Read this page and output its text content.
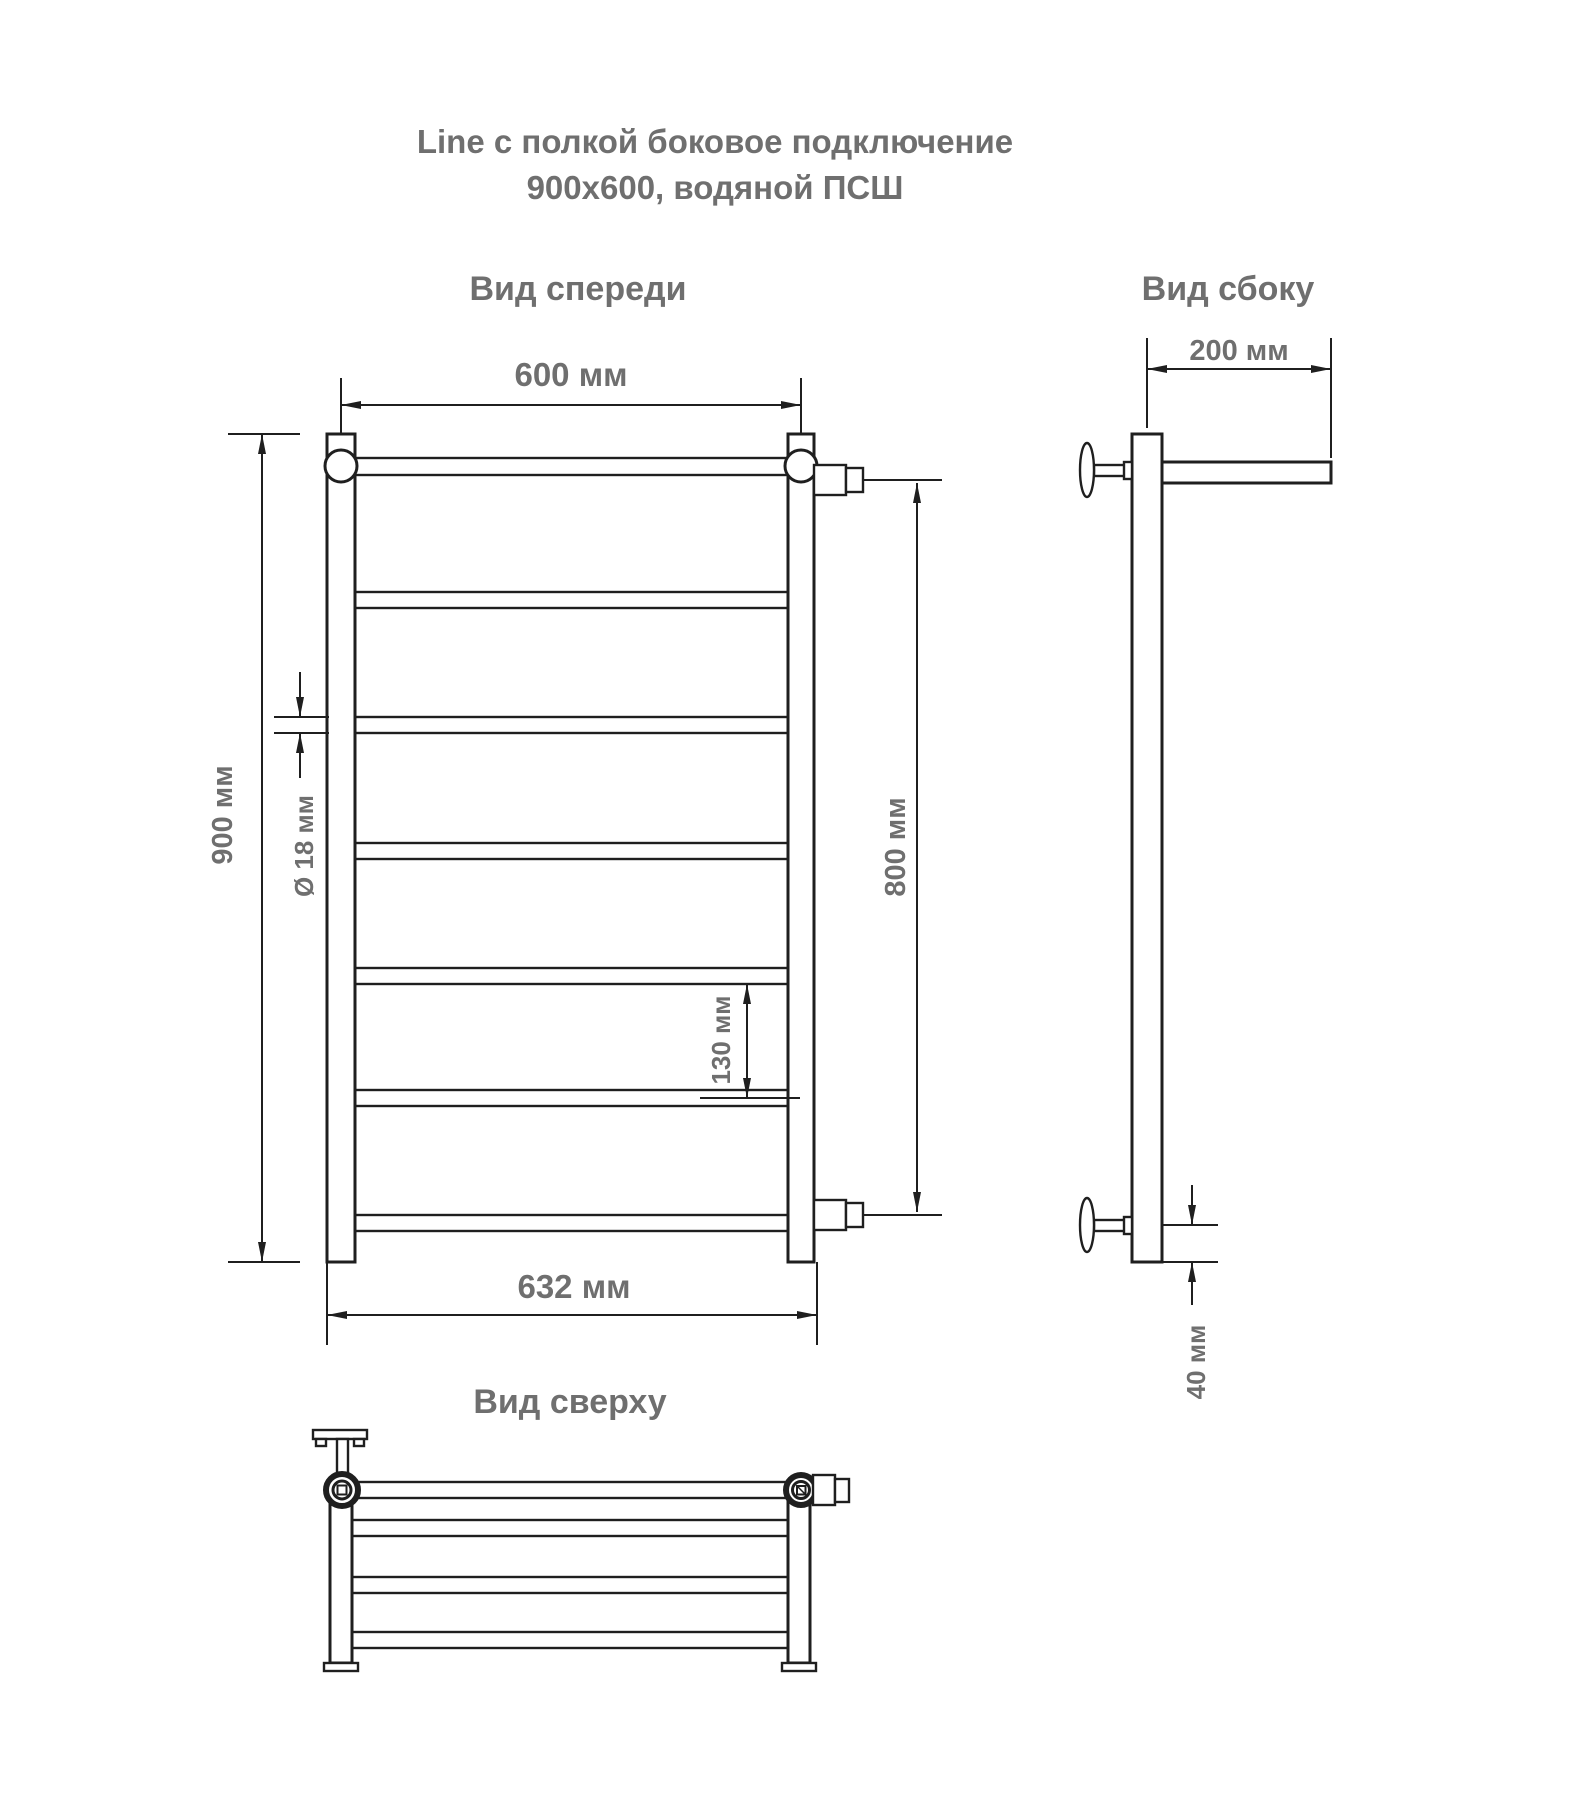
Line с полкой боковое подключение
900х600, водяной ПСШ
Вид спереди
600 мм
900 мм	800 мм
Ø 18 мм
130 мм
632 мм
Вид сбоку
200 мм
40 мм
Вид сверху
